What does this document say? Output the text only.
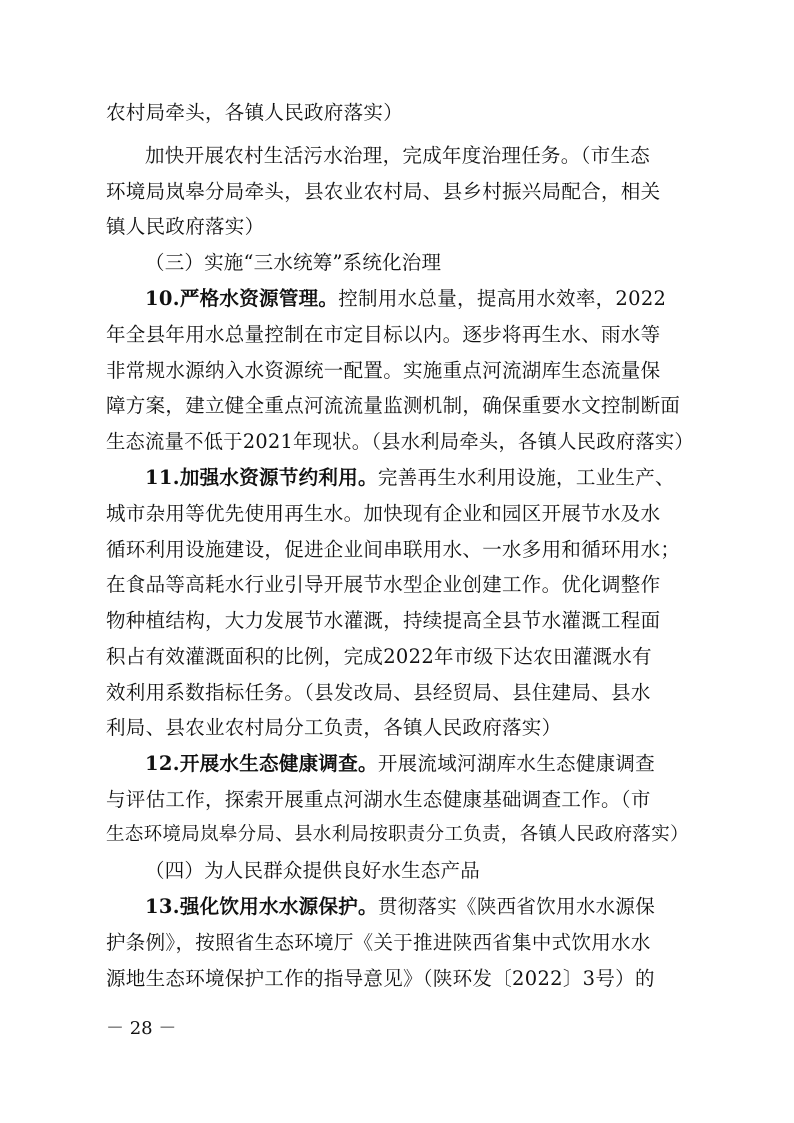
农村局牵头，各镇人民政府落实）
加快开展农村生活污水治理，完成年度治理任务。（市生态
环境局岚皋分局牵头，县农业农村局、县乡村振兴局配合，相关
镇人民政府落实）
（三）实施“三水统筹”系统化治理
10.严格水资源管理。控制用水总量，提高用水效率，2022
年全县年用水总量控制在市定目标以内。逐步将再生水、雨水等
非常规水源纳入水资源统一配置。实施重点河流湖库生态流量保
障方案，建立健全重点河流流量监测机制，确保重要水文控制断面
生态流量不低于2021年现状。（县水利局牵头，各镇人民政府落实）
11.加强水资源节约利用。完善再生水利用设施，工业生产、
城市杂用等优先使用再生水。加快现有企业和园区开展节水及水
循环利用设施建设，促进企业间串联用水、一水多用和循环用水；
在食品等高耗水行业引导开展节水型企业创建工作。优化调整作
物种植结构，大力发展节水灌溉，持续提高全县节水灌溉工程面
积占有效灌溉面积的比例，完成2022年市级下达农田灌溉水有
效利用系数指标任务。（县发改局、县经贸局、县住建局、县水
利局、县农业农村局分工负责，各镇人民政府落实）
12.开展水生态健康调查。开展流域河湖库水生态健康调查
与评估工作，探索开展重点河湖水生态健康基础调查工作。（市
生态环境局岚皋分局、县水利局按职责分工负责，各镇人民政府落实）
（四）为人民群众提供良好水生态产品
13.强化饮用水水源保护。贯彻落实《陕西省饮用水水源保
护条例》，按照省生态环境厅《关于推进陕西省集中式饮用水水
源地生态环境保护工作的指导意见》（陕环发〔2022〕3号）的
－ 28 －
